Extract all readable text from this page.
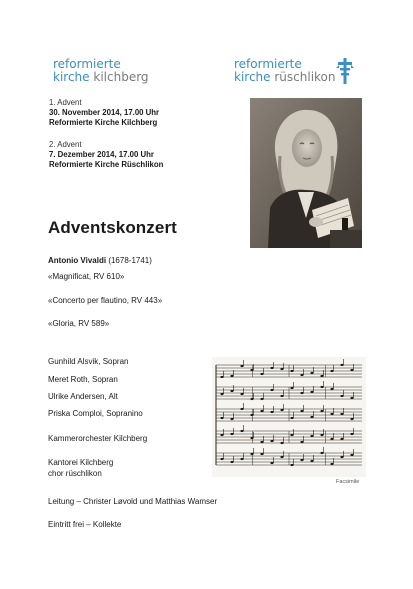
reformierte
kirche kilchberg
reformierte
kirche rüschlikon
1. Advent
30. November 2014, 17.00 Uhr
Reformierte Kirche Kilchberg
2. Advent
7. Dezember 2014, 17.00 Uhr
Reformierte Kirche Rüschlikon
Adventskonzert
Antonio Vivaldi (1678-1741)
«Magnificat, RV 610»
«Concerto per flautino, RV 443»
«Gloria, RV 589»
Gunhild Alsvik, Sopran
Meret Roth, Sopran
Ulrike Andersen, Alt
Priska Comploi, Sopranino
Kammerorchester Kilchberg
Kantorei Kilchberg
chor rüschlikon
Leitung – Christer Løvold und Matthias Wamser
Eintritt frei – Kollekte
Facsimile
